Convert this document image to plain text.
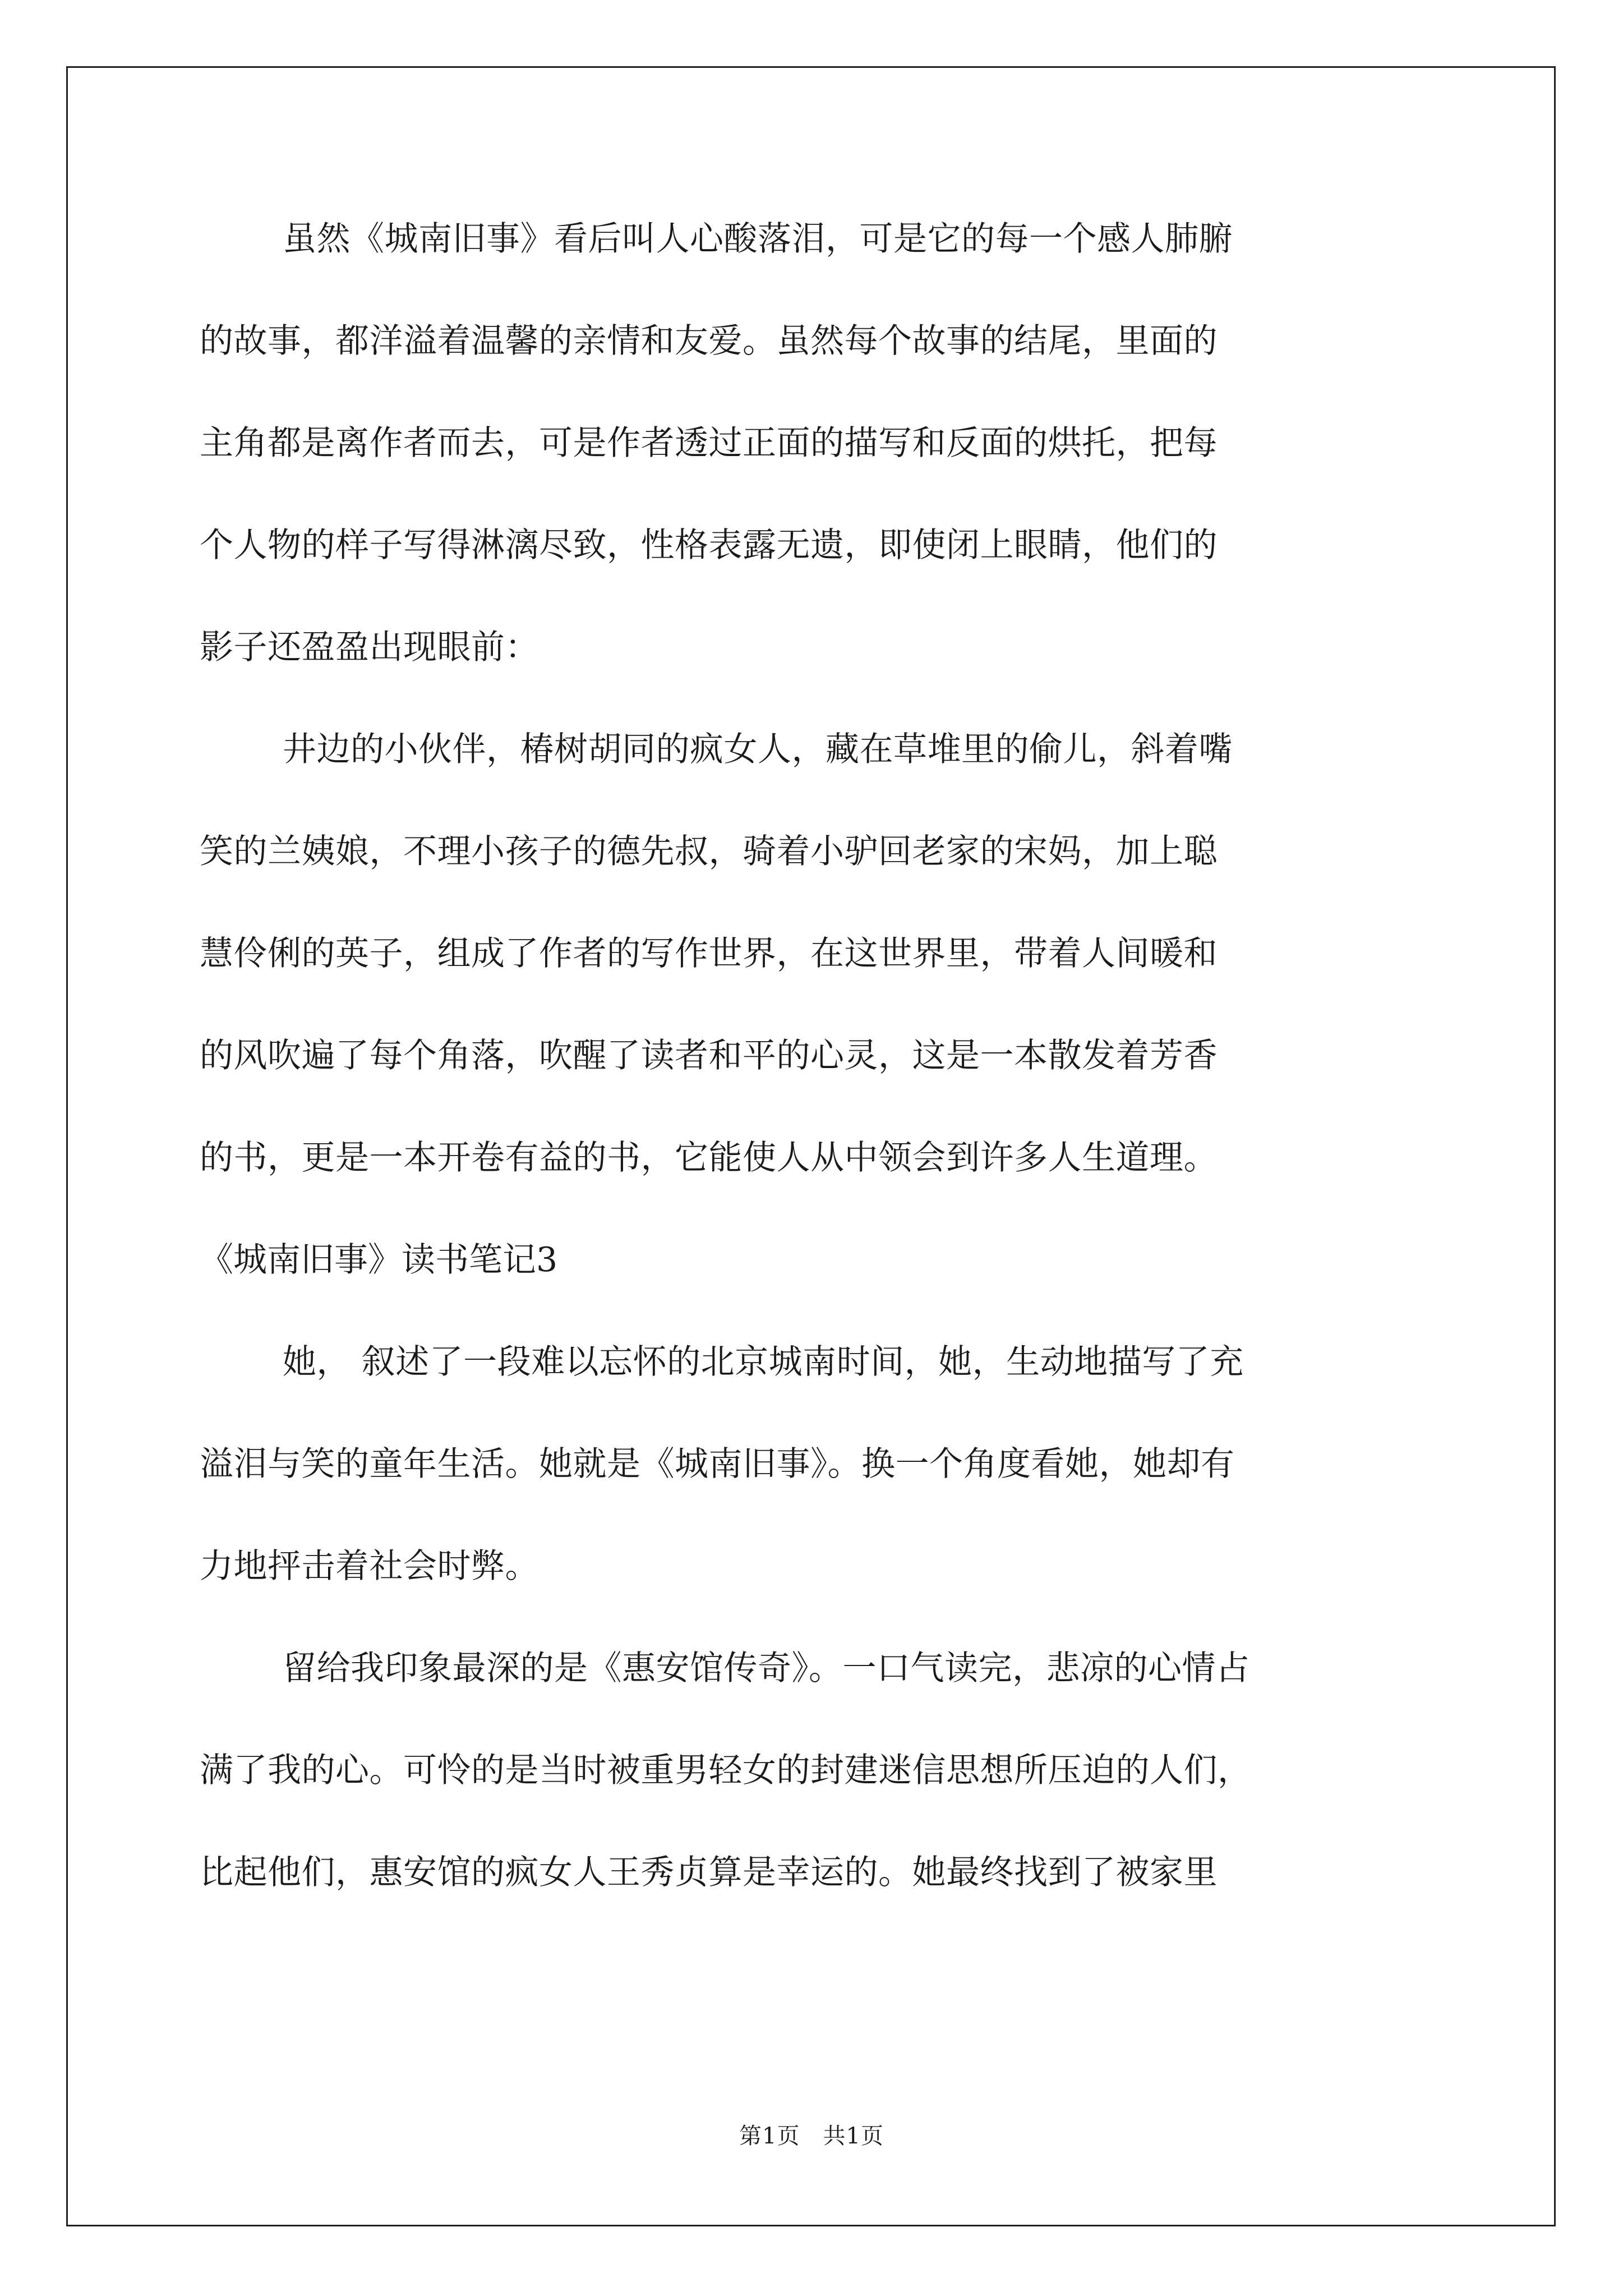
虽然《城南旧事》看后叫人心酸落泪，可是它的每一个感人肺腑
的故事，都洋溢着温馨的亲情和友爱。虽然每个故事的结尾，里面的
主角都是离作者而去，可是作者透过正面的描写和反面的烘托，把每
个人物的样子写得淋漓尽致，性格表露无遗，即使闭上眼睛，他们的
影子还盈盈出现眼前：
井边的小伙伴，椿树胡同的疯女人，藏在草堆里的偷儿，斜着嘴
笑的兰姨娘，不理小孩子的德先叔，骑着小驴回老家的宋妈，加上聪
慧伶俐的英子，组成了作者的写作世界，在这世界里，带着人间暖和
的风吹遍了每个角落，吹醒了读者和平的心灵，这是一本散发着芳香
的书，更是一本开卷有益的书，它能使人从中领会到许多人生道理。
《城南旧事》读书笔记3
她， 叙述了一段难以忘怀的北京城南时间，她，生动地描写了充
溢泪与笑的童年生活。她就是《城南旧事》。换一个角度看她，她却有
力地抨击着社会时弊。
留给我印象最深的是《惠安馆传奇》。一口气读完，悲凉的心情占
满了我的心。可怜的是当时被重男轻女的封建迷信思想所压迫的人们，
比起他们，惠安馆的疯女人王秀贞算是幸运的。她最终找到了被家里
第1页　共1页
